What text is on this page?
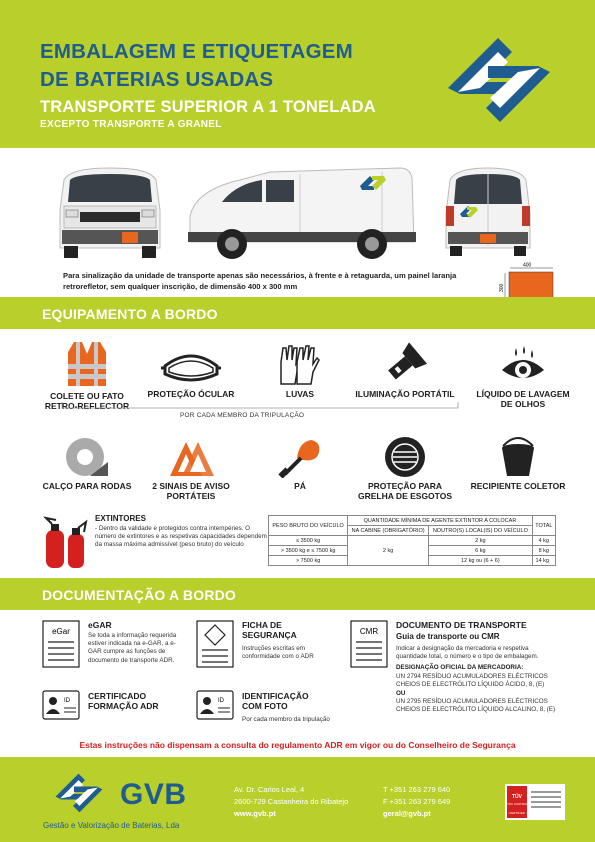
EMBALAGEM E ETIQUETAGEM
DE BATERIAS USADAS
TRANSPORTE SUPERIOR A 1 TONELADA
EXCEPTO TRANSPORTE A GRANEL
Para sinalização da unidade de transporte apenas são necessários, à frente e à retaguarda, um painel laranja retrorefletor, sem qualquer inscrição, de dimensão 400 x 300 mm
400
300
EQUIPAMENTO A BORDO
COLETE OU FATO RETRO-REFLECTOR
PROTEÇÃO ÓCULAR	LUVAS	ILUMINAÇÃO PORTÁTIL	LÍQUIDO DE LAVAGEM DE OLHOS
POR CADA MEMBRO DA TRIPULAÇÃO
CALÇO PARA RODAS	2 SINAIS DE AVISO PORTÁTEIS
PÁ	PROTEÇÃO PARA GRELHA DE ESGOTOS
RECIPIENTE COLETOR
EXTINTORES
- Dentro da validade e protegidos contra intempéries. O número de extintores e as respetivas capacidades dependem da massa máxima admissível (peso bruto) do veículo
PESO BRUTO DO VEÍCULO	QUANTIDADE MÍNIMA DE AGENTE EXTINTOR A COLOCAR		TOTAL
	NA CABINE (OBRIGATÓRIO)	NOUTRO(S) LOCAL(IS) DO VEÍCULO	
≤ 3500 kg	2 kg	2 kg	4 kg
> 3500 kg e ≤ 7500 kg		6 kg	8 kg
> 7500 kg		12 kg ou (6 + 6)	14 kg
DOCUMENTAÇÃO A BORDO
eGar
eGAR
Se toda a informação requerida estiver indicada na e-GAR, a e-GAR cumpre as funções de documento de transporte ADR.
FICHA DE
SEGURANÇA
Instruções escritas em conformidade com o ADR
CMR
DOCUMENTO DE TRANSPORTE
Guia de transporte ou CMR
Indicar a designação da mercadoria e respetiva quantidade total, o número e o tipo de embalagem.
DESIGNAÇÃO OFICIAL DA MERCADORIA:
UN 2794 RESÍDUO ACUMULADORES ELÉCTRICOS CHEIOS DE ELECTRÓLITO LÍQUIDO ÁCIDO, 8, (E)
OU
UN 2795 RESÍDUO ACUMULADORES ELÉCTRICOS CHEIOS DE ELECTRÓLITO LÍQUIDO ALCALINO, 8, (E)
ID CERTIFICADO
FORMAÇÃO ADR	ID IDENTIFICAÇÃO
COM FOTO
Por cada membro da tripulação
Estas instruções não dispensam a consulta do regulamento ADR em vigor ou do Conselheiro de Segurança
GVB
Gestão e Valorização de Baterias, Lda
Av. Dr. Carlos Leal, 4
2600-729 Castanheira do Ribatejo
www.gvb.pt
T +351 263 279 640
F +351 263 279 649
geral@gvb.pt
TÜV
CERTIFIED
TÜV AUSTRIA
